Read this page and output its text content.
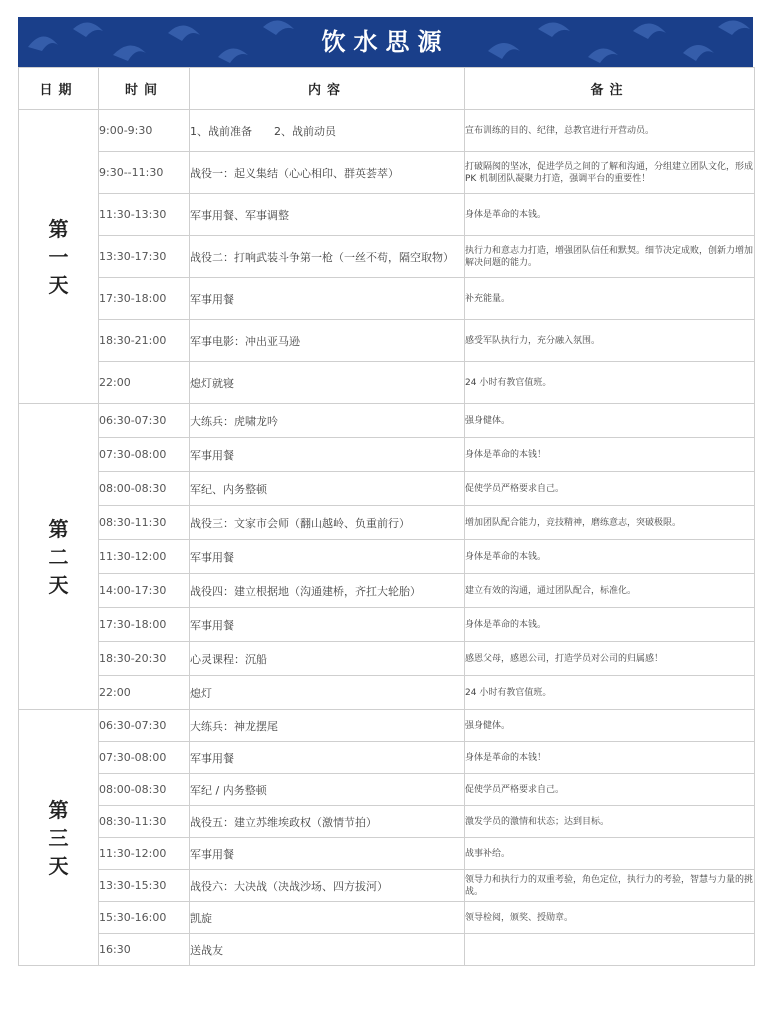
饮水思源
日期	时间	内容	备注

第
一
天	9:00-9:30	1、战前准备　　2、战前动员	宣布训练的目的、纪律，总教官进行开营动员。
	9:30--11:30	战役一：起义集结（心心相印、群英荟萃）	打破隔阂的坚冰，促进学员之间的了解和沟通，分组建立团队文化，形成 PK 机制团队凝聚力打造，强调平台的重要性！
	11:30-13:30	军事用餐、军事调整	身体是革命的本钱。
	13:30-17:30	战役二：打响武装斗争第一枪（一丝不苟，隔空取物）	执行力和意志力打造，增强团队信任和默契。细节决定成败，创新力增加解决问题的能力。
	17:30-18:00	军事用餐	补充能量。
	18:30-21:00	军事电影：冲出亚马逊	感受军队执行力，充分融入氛围。
	22:00	熄灯就寝	24 小时有教官值班。

第
二
天	06:30-07:30	大练兵：虎啸龙吟	强身健体。
	07:30-08:00	军事用餐	身体是革命的本钱！
	08:00-08:30	军纪、内务整顿	促使学员严格要求自己。
	08:30-11:30	战役三：文家市会师（翻山越岭、负重前行）	增加团队配合能力，竞技精神，磨练意志，突破极限。
	11:30-12:00	军事用餐	身体是革命的本钱。
	14:00-17:30	战役四：建立根据地（沟通建桥，齐扛大轮胎）	建立有效的沟通，通过团队配合，标准化。
	17:30-18:00	军事用餐	身体是革命的本钱。
	18:30-20:30	心灵课程：沉船	感恩父母，感恩公司，打造学员对公司的归属感！
	22:00	熄灯	24 小时有教官值班。

第
三
天	06:30-07:30	大练兵：神龙摆尾	强身健体。
	07:30-08:00	军事用餐	身体是革命的本钱！
	08:00-08:30	军纪 / 内务整顿	促使学员严格要求自己。
	08:30-11:30	战役五：建立苏维埃政权（激情节拍）	激发学员的激情和状态；达到目标。
	11:30-12:00	军事用餐	战事补给。
	13:30-15:30	战役六：大决战（决战沙场、四方拔河）	领导力和执行力的双重考验，角色定位，执行力的考验，智慧与力量的挑战。
	15:30-16:00	凯旋	领导检阅，颁奖、授勋章。
	16:30	送战友	
